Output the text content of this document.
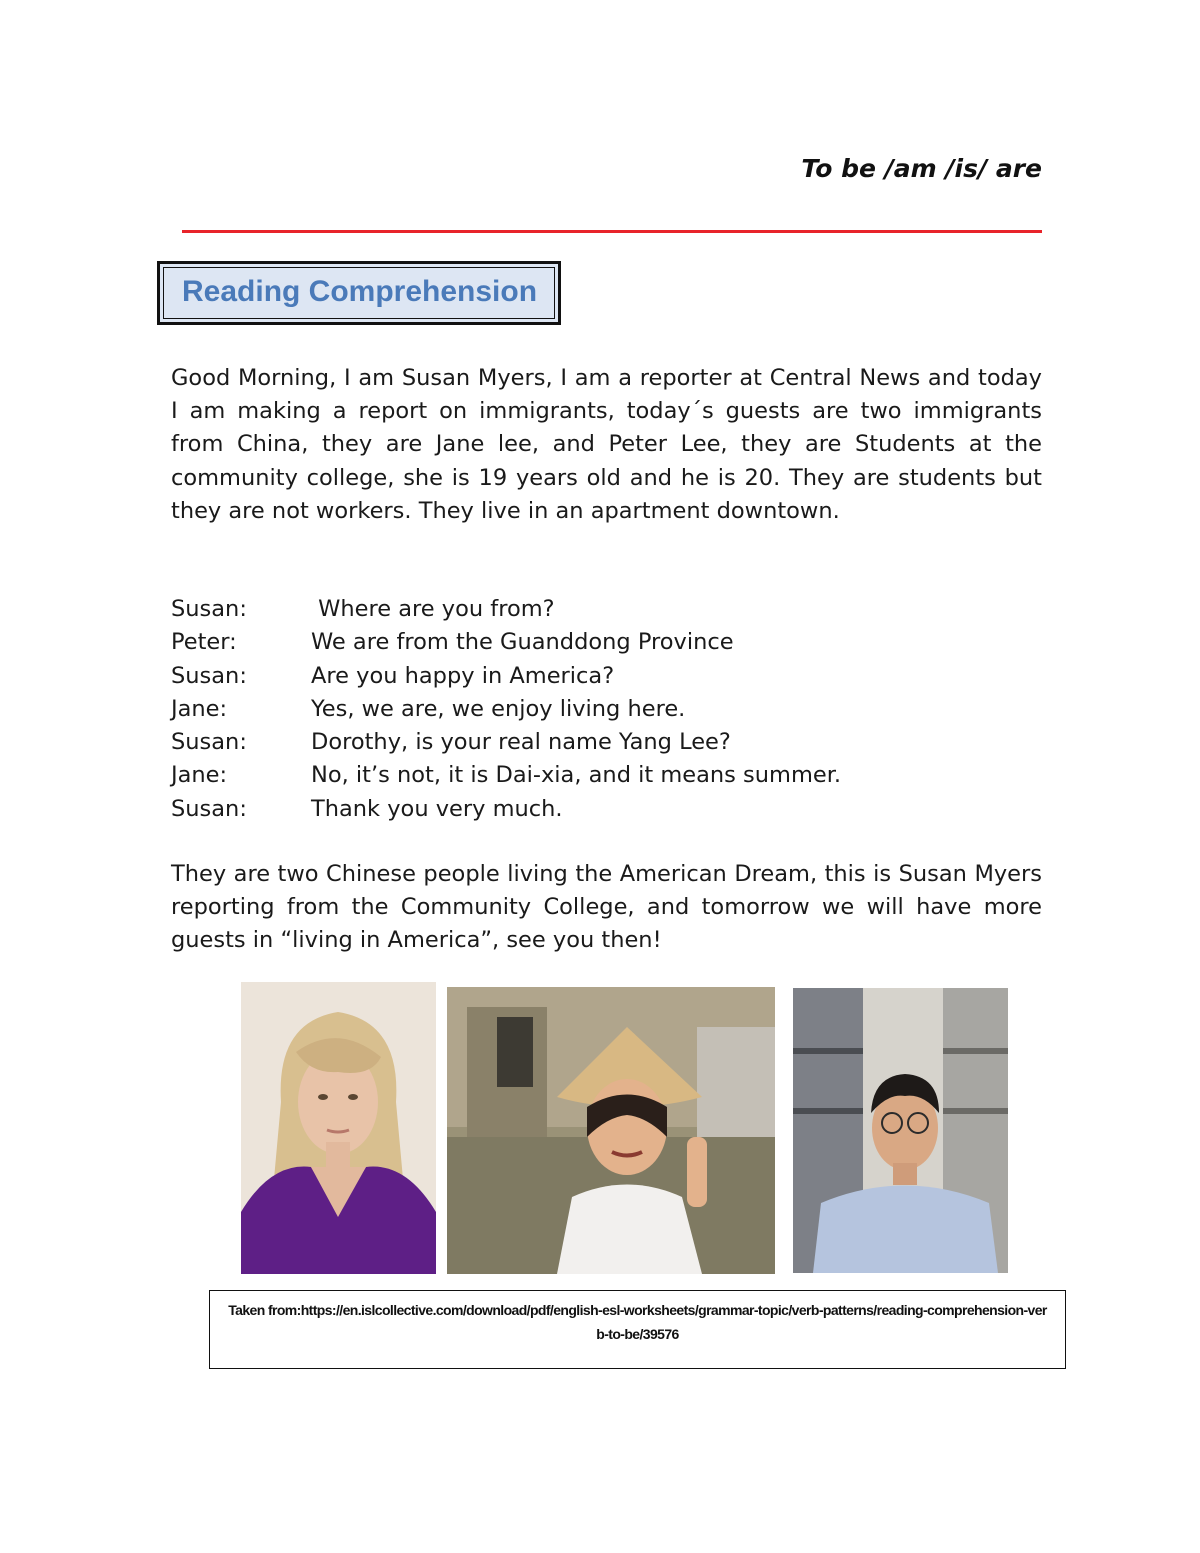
To be /am /is/ are
Reading Comprehension
Good Morning, I am Susan Myers, I am a reporter at Central News and today I am making a report on immigrants, today´s guests are two immigrants from China, they are Jane lee, and Peter Lee, they are Students at the community college, she is 19 years old and he is 20. They are students but they are not workers. They live in an apartment downtown.
Susan:	Where are you from?
Peter:	We are from the Guanddong Province
Susan:	Are you happy in America?
Jane:	Yes, we are, we enjoy living here.
Susan:	Dorothy, is your real name Yang Lee?
Jane:	No, it’s not, it is Dai-xia, and it means summer.
Susan:	Thank you very much.
They are two Chinese people living the American Dream, this is Susan Myers reporting from the Community College, and tomorrow we will have more guests in “living in America”, see you then!
Taken from:https://en.islcollective.com/download/pdf/english-esl-worksheets/grammar-topic/verb-patterns/reading-comprehension-verb-to-be/39576
